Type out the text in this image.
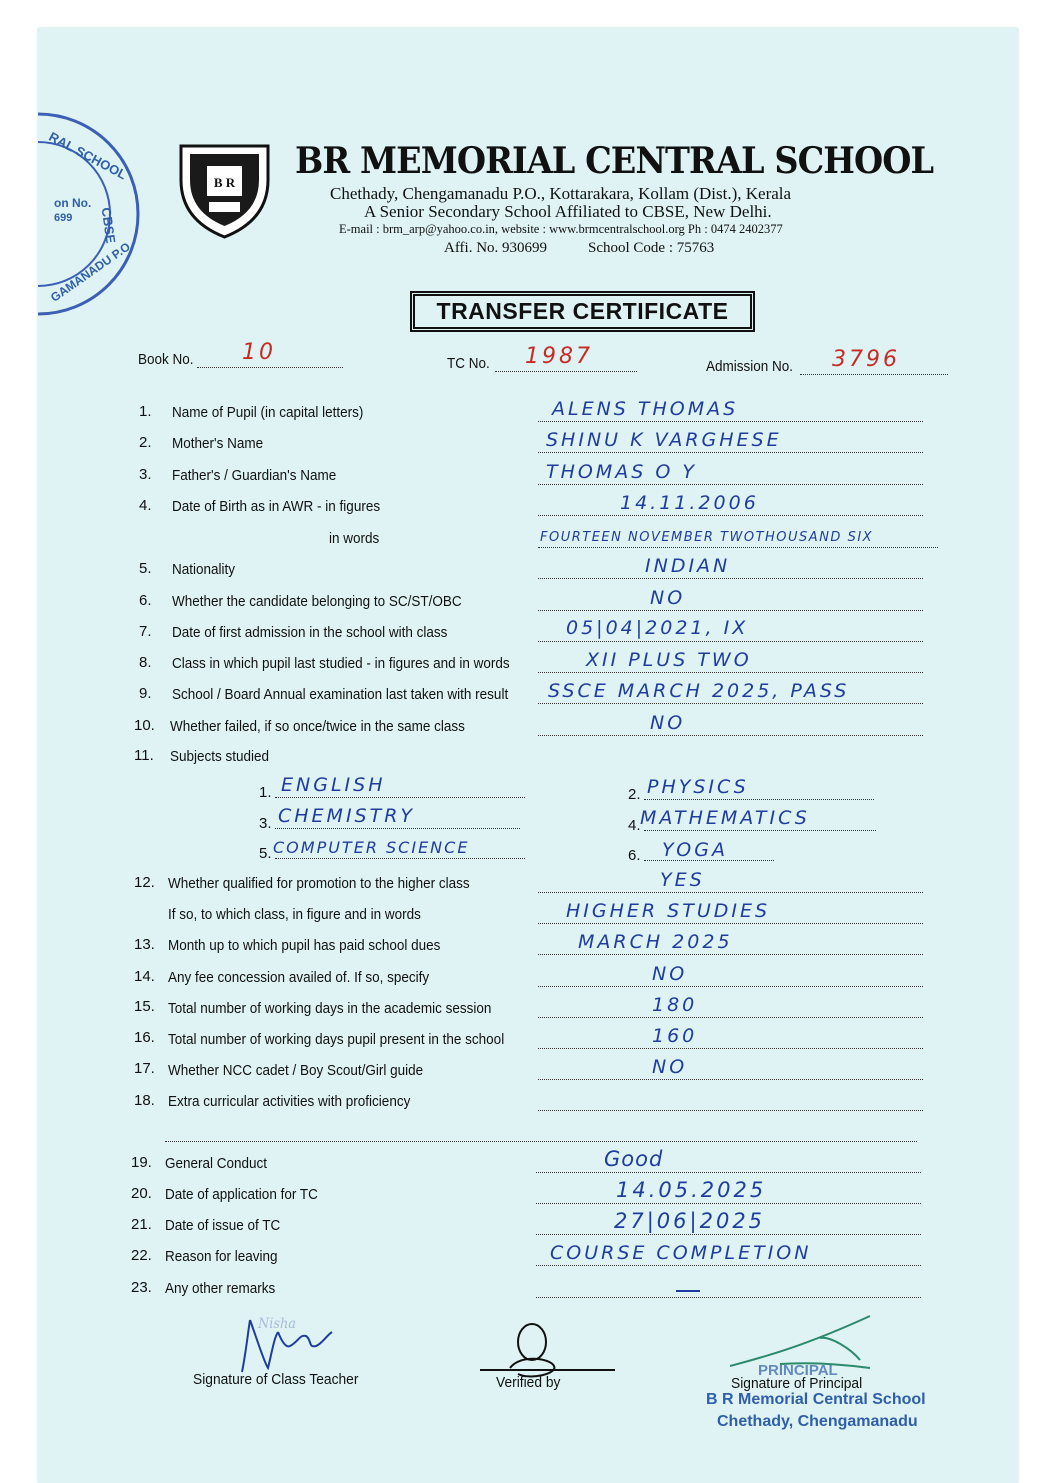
RAL SCHOOL
CBSE
GAMANADU P.O
on No.
699
B R
BR MEMORIAL CENTRAL SCHOOL
Chethady, Chengamanadu P.O., Kottarakara, Kollam (Dist.), Kerala
A Senior Secondary School Affiliated to CBSE, New Delhi.
E-mail : brm_arp@yahoo.co.in, website : www.brmcentralschool.org Ph : 0474 2402377
Affi. No. 930699	School Code : 75763
TRANSFER CERTIFICATE
Book No. 10	TC No. 1987	Admission No. 3796
1. Name of Pupil (in capital letters)	ALENS THOMAS
2. Mother's Name	SHINU K VARGHESE
3. Father's / Guardian's Name	THOMAS O Y
4. Date of Birth as in AWR - in figures	14.11.2006
in words	FOURTEEN NOVEMBER TWOTHOUSAND SIX
5. Nationality	INDIAN
6. Whether the candidate belonging to SC/ST/OBC	NO
7. Date of first admission in the school with class	05|04|2021, IX
8. Class in which pupil last studied - in figures and in words	XII PLUS TWO
9. School / Board Annual examination last taken with result SSCE MARCH 2025, PASS
10. Whether failed, if so once/twice in the same class	NO
11. Subjects studied
1. ENGLISH	2. PHYSICS
3. CHEMISTRY	4. MATHEMATICS
5. COMPUTER SCIENCE	6. YOGA
12. Whether qualified for promotion to the higher class	YES
If so, to which class, in figure and in words	HIGHER STUDIES
13. Month up to which pupil has paid school dues	MARCH 2025
14. Any fee concession availed of. If so, specify	NO
15. Total number of working days in the academic session	180
16. Total number of working days pupil present in the school	160
17. Whether NCC cadet / Boy Scout/Girl guide	NO
18. Extra curricular activities with proficiency
19. General Conduct	Good
20. Date of application for TC	14.05.2025
21. Date of issue of TC	27|06|2025
22. Reason for leaving	COURSE COMPLETION
23. Any other remarks
Nisha
Signature of Class Teacher	Verified by
PRINCIPAL
Signature of Principal
B R Memorial Central School
Chethady, Chengamanadu
